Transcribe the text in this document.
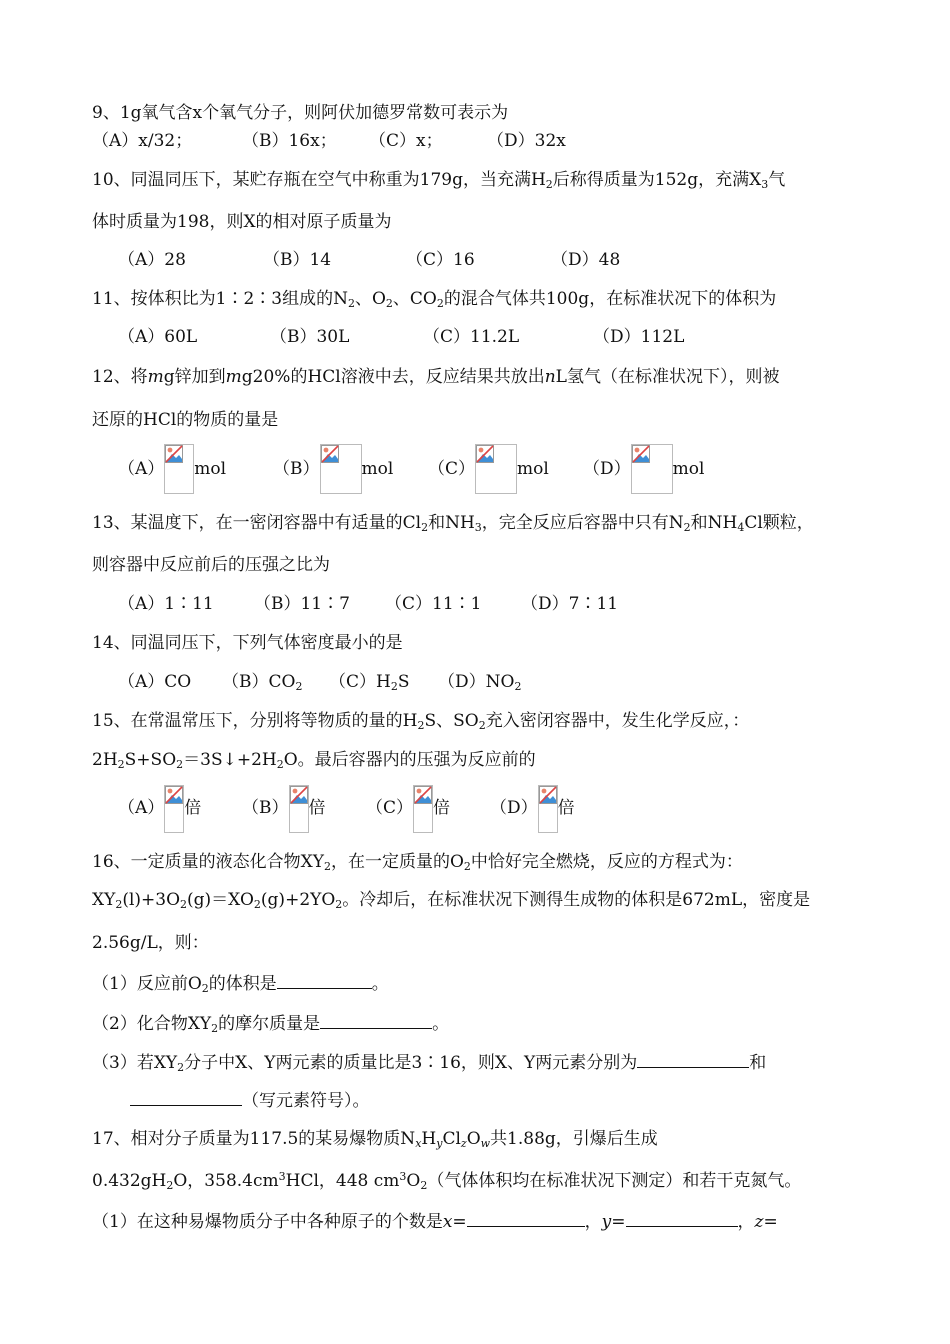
9、1g氧气含x个氧气分子，则阿伏加德罗常数可表示为
（A）x/32；	（B）16x； （C）x；	（D）32x
10、同温同压下，某贮存瓶在空气中称重为179g，当充满$H_2$后称得质量为152g，充满$X_3$气
体时质量为198，则X的相对原子质量为
（A）28	（B）14	（C）16	（D）48
11、按体积比为1∶2∶3组成的$N_2$、$O_2$、$CO_2$的混合气体共100g，在标准状况下的体积为
（A）60L	（B）30L	（C）11.2L	（D）112L
12、将mg锌加到mg20%的HCl溶液中去，反应结果共放出nL氢气（在标准状况下），则被
还原的HCl的物质的量是
（A） mol	（B） mol （C） mol （D） mol
13、某温度下，在一密闭容器中有适量的$Cl_2$和$NH_3$，完全反应后容器中只有$N_2$和$NH_4Cl$颗粒，
则容器中反应前后的压强之比为
（A）1∶11 （B）11∶7 （C）11∶1 （D）7∶11
14、同温同压下，下列气体密度最小的是
（A）CO $(B)CO_2$ $(C)H_2S$ $(D)NO_2$
15、在常温常压下，分别将等物质的量的$H_2S$、$SO_2$充入密闭容器中，发生化学反应，：
$2H_2S+SO_2=3S↓+2H_2O$。最后容器内的压强为反应前的
（A） 倍 （B） 倍 （C） 倍 （D） 倍
16、一定质量的液态化合物$XY_2$，在一定质量的$O_2$中恰好完全燃烧，反应的方程式为：
$XY_2(l)+3O_2(g)=XO_2(g)+2YO_2$。冷却后，在标准状况下测得生成物的体积是672mL，密度是
2.56g/L，则：
（1）反应前$O_2$的体积是	。
（2）化合物$XY_2$的摩尔质量是	。
（3）若$XY_2$分子中X、Y两元素的质量比是3∶16，则X、Y两元素分别为	和
（写元素符号）。
17、相对分子质量为117.5的某易爆物质$N_xH_yCl_zO_w$共1.88g，引爆后生成
$0.432gH_2O$，$358.4cm^3HCl$，448 $cm^3O_2$（气体体积均在标准状况下测定）和若干克氮气。
（1）在这种易爆物质分子中各种原子的个数是x=	，y=	，z=
